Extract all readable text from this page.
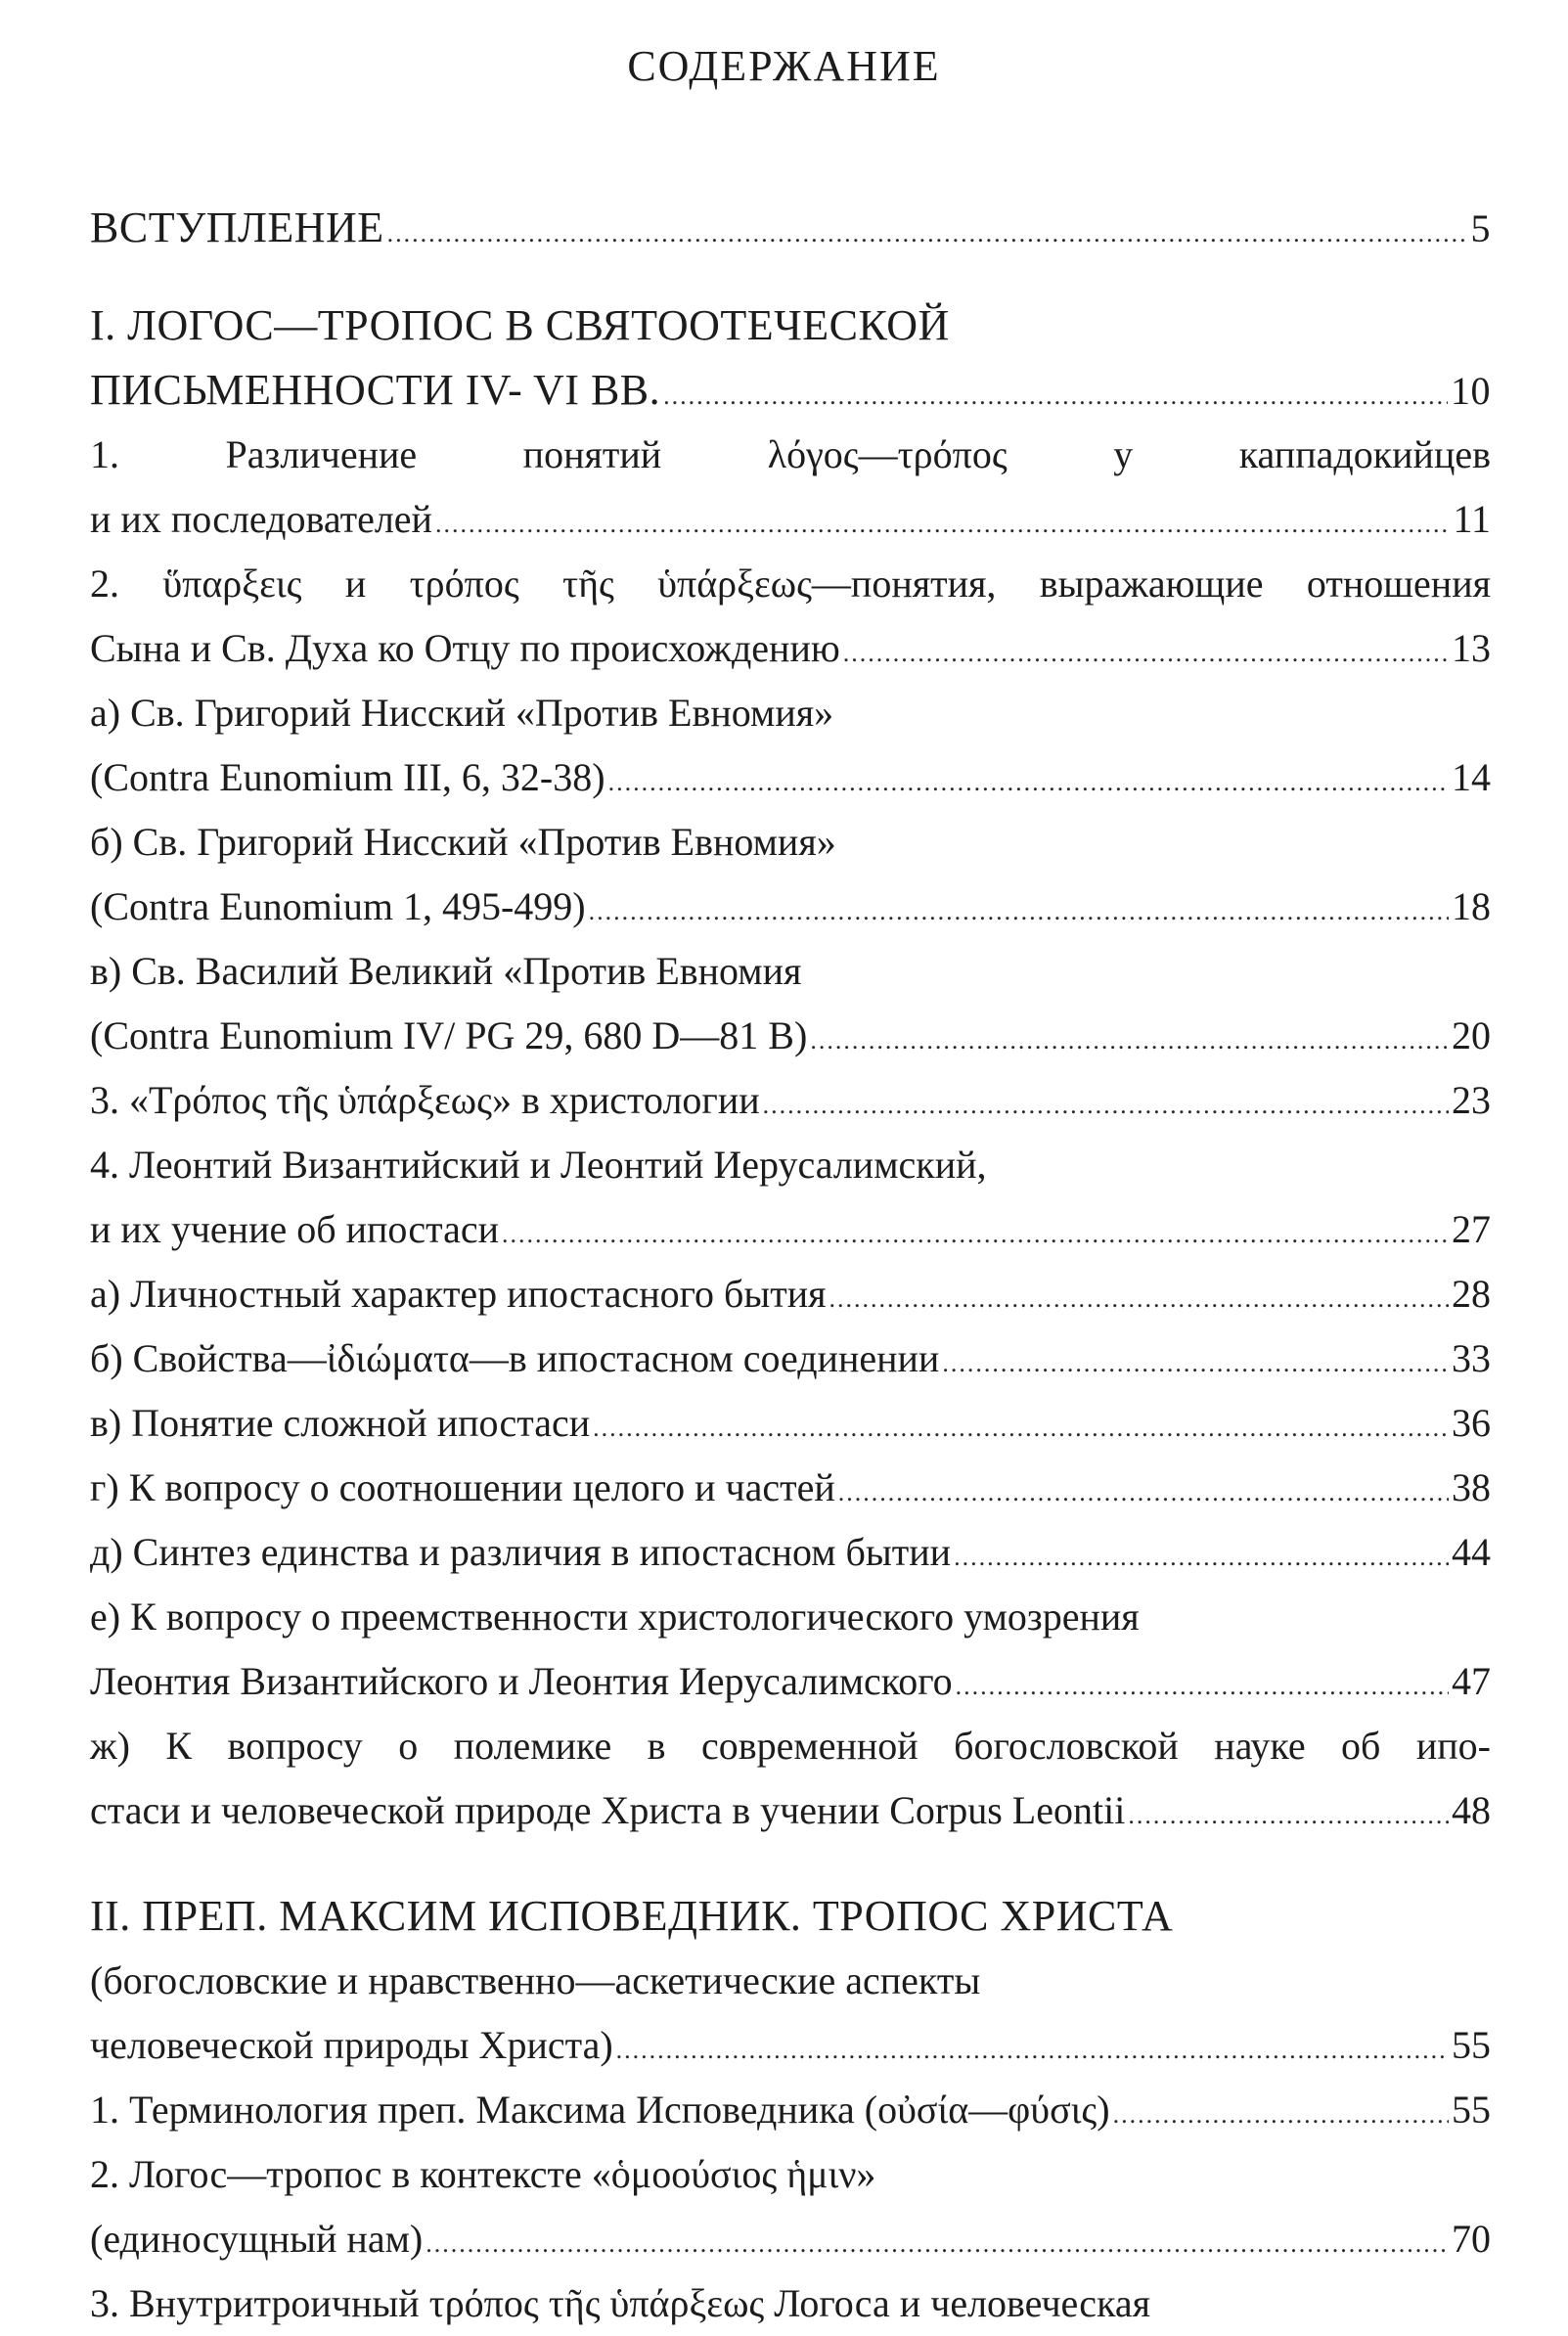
СОДЕРЖАНИЕ
ВСТУПЛЕНИЕ .....	5
I. ЛОГОС—ТРОПОС В СВЯТООТЕЧЕСКОЙ
ПИСЬМЕННОСТИ IV- VI ВВ. .....	10
1. Различение понятий λόγος—τρόπος у каппадокийцев
и их последователей .....	11
2. ὕπαρξεις и τρόπος τῆς ὑπάρξεως—понятия, выражающие отношения
Сына и Св. Духа ко Отцу по происхождению .....	13
а) Св. Григорий Нисский «Против Евномия»
(Contra Eunomium III, 6, 32-38) .....	14
б) Св. Григорий Нисский «Против Евномия»
(Contra Eunomium 1, 495-499) .....	18
в) Св. Василий Великий «Против Евномия
(Contra Eunomium IV/ PG 29, 680 D—81 B) .....	20
3. «Τρόπος τῆς ὑπάρξεως» в христологии .....	23
4. Леонтий Византийский и Леонтий Иерусалимский,
и их учение об ипостаси .....	27
а) Личностный характер ипостасного бытия .....	28
б) Свойства—ἰδιώματα—в ипостасном соединении .....	33
в) Понятие сложной ипостаси .....	36
г) К вопросу о соотношении целого и частей .....	38
д) Синтез единства и различия в ипостасном бытии .....	44
е) К вопросу о преемственности христологического умозрения
Леонтия Византийского и Леонтия Иерусалимского .....	47
ж) К вопросу о полемике в современной богословской науке об ипо-
стаси и человеческой природе Христа в учении Corpus Leontii .....	48
II. ПРЕП. МАКСИМ ИСПОВЕДНИК. ТРОПОС ХРИСТА
(богословские и нравственно—аскетические аспекты
человеческой природы Христа) .....	55
1. Терминология преп. Максима Исповедника (οὐσία—φύσις) .....	55
2. Логос—тропос в контексте «ὁμοούσιος ἡμιν»
(единосущный нам) .....	70
3. Внутритроичный τρόπος τῆς ὑπάρξεως Логоса и человеческая
